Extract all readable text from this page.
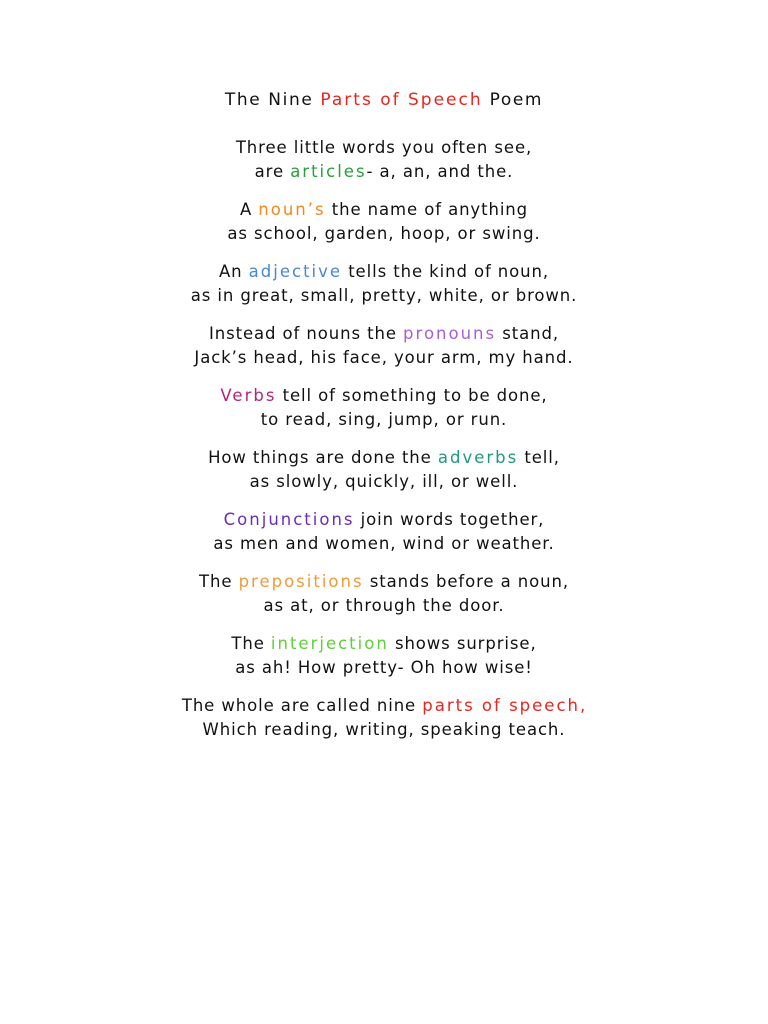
The Nine Parts of Speech Poem
Three little words you often see,
are articles- a, an, and the.
A noun’s the name of anything
as school, garden, hoop, or swing.
An adjective tells the kind of noun,
as in great, small, pretty, white, or brown.
Instead of nouns the pronouns stand,
Jack’s head, his face, your arm, my hand.
Verbs tell of something to be done,
to read, sing, jump, or run.
How things are done the adverbs tell,
as slowly, quickly, ill, or well.
Conjunctions join words together,
as men and women, wind or weather.
The prepositions stands before a noun,
as at, or through the door.
The interjection shows surprise,
as ah! How pretty- Oh how wise!
The whole are called nine parts of speech,
Which reading, writing, speaking teach.
